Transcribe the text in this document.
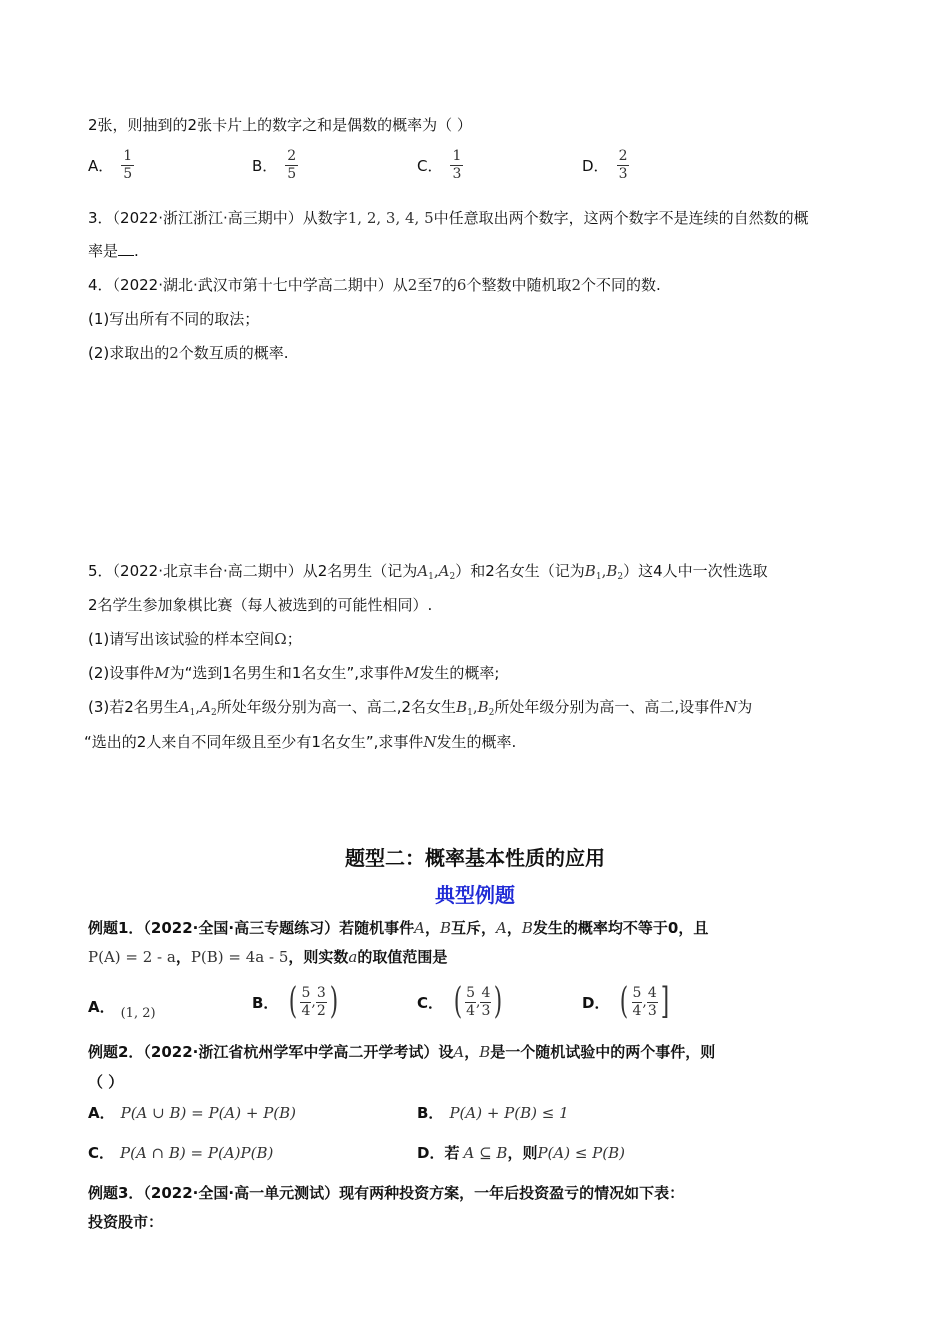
2张，则抽到的2张卡片上的数字之和是偶数的概率为（ ）
A． $\frac{1}{5}$	B． $\frac{2}{5}$	C． $\frac{1}{3}$	D． $\frac{2}{3}$
3．（2022·浙江浙江·高三期中）从数字1, 2, 3, 4, 5中任意取出两个数字，这两个数字不是连续的自然数的概
率是 .
4．（2022·湖北·武汉市第十七中学高二期中）从2至7的6个整数中随机取2个不同的数.
(1)写出所有不同的取法；
(2)求取出的2个数互质的概率.
5．（2022·北京丰台·高二期中）从2名男生（记为$A_1,A_2$）和2名女生（记为$B_1,B_2$）这4人中一次性选取
2名学生参加象棋比赛（每人被选到的可能性相同）.
(1)请写出该试验的样本空间Ω；
(2)设事件M为“选到1名男生和1名女生”,求事件M发生的概率;
(3)若2名男生$A_1,A_2$所处年级分别为高一、高二,2名女生$B_1,B_2$所处年级分别为高一、高二,设事件N为
“选出的2人来自不同年级且至少有1名女生”,求事件N发生的概率.
题型二：概率基本性质的应用
典型例题
例题1．（2022·全国·高三专题练习）若随机事件A，B互斥，A，B发生的概率均不等于0，且
P(A) = 2 - a，P(B) = 4a - 5，则实数a的取值范围是
A． (1, 2)
B． ( 5
4
,
3
2 )	C． ( 5
4
,
4
3 )	D． ( 5
4
,
4
3 ]
例题2．（2022·浙江省杭州学军中学高二开学考试）设A，B是一个随机试验中的两个事件，则
（ ）
A． P(A ∪ B) = P(A) + P(B)	B． P(A) + P(B) ≤ 1
C． P(A ∩ B) = P(A)P(B)	D． 若 A ⊆ B ，则 P(A) ≤ P(B)
例题3．（2022·全国·高一单元测试）现有两种投资方案，一年后投资盈亏的情况如下表：
投资股市：
